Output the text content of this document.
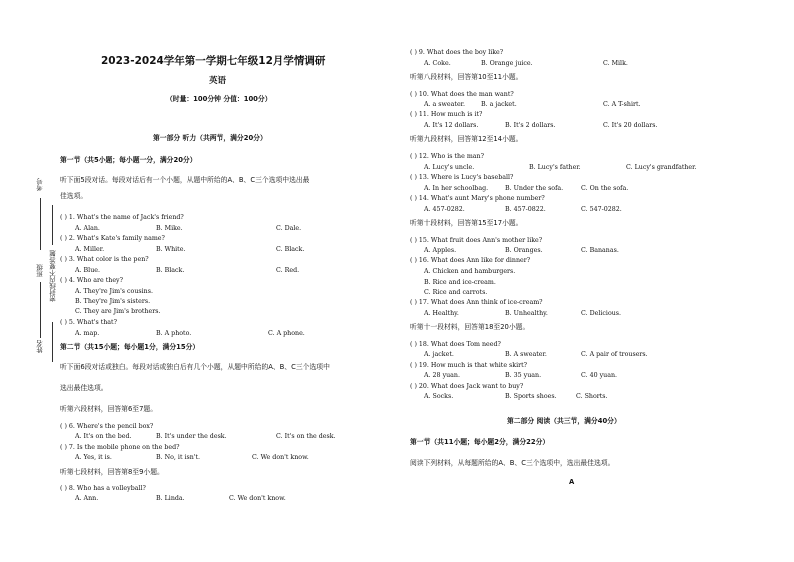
考号
班级
姓名
密封线内不要答题
2023-2024学年第一学期七年级12月学情调研
英语
（时量：100分钟 分值：100分）
第一部分 听力（共两节，满分20分）
第一节（共5小题；每小题一分，满分20分）
听下面5段对话。每段对话后有一个小题，从题中所给的A、B、C三个选项中选出最
佳选项。
( ) 1. What's the name of Jack's friend?
A. Alan.	B. Mike.	C. Dale.
( ) 2. What's Kate's family name?
A. Miller.	B. White.	C. Black.
( ) 3. What color is the pen?
A. Blue.	B. Black.	C. Red.
( ) 4. Who are they?
A. They're Jim's cousins.
B. They're Jim's sisters.
C. They are Jim's brothers.
( ) 5. What's that?
A. map.	B. A photo.	C. A phone.
第二节（共15小题；每小题1分，满分15分）
听下面6段对话或独白。每段对话或独白后有几个小题，从题中所给的A、B、C三个选项中
选出最佳选项。
听第六段材料，回答第6至7题。
( ) 6. Where's the pencil box?
A. It's on the bed.	B. It's under the desk.	C. It's on the desk.
( ) 7. Is the mobile phone on the bed?
A. Yes, it is.	B. No, it isn't.	C. We don't know.
听第七段材料，回答第8至9小题。
( ) 8. Who has a volleyball?
A. Ann.	B. Linda.	C. We don't know.
( ) 9. What does the boy like?
A. Coke.	B. Orange juice.	C. Milk.
听第八段材料，回答第10至11小题。
( ) 10. What does the man want?
A. a sweater.	B. a jacket.	C. A T-shirt.
( ) 11. How much is it?
A. It's 12 dollars.	B. It's 2 dollars.	C. It's 20 dollars.
听第九段材料，回答第12至14小题。
( ) 12. Who is the man?
A. Lucy's uncle.	B. Lucy's father.	C. Lucy's grandfather.
( ) 13. Where is Lucy's baseball?
A. In her schoolbag.	B. Under the sofa.	C. On the sofa.
( ) 14. What's aunt Mary's phone number?
A. 457-0282.	B. 457-0822.	C. 547-0282.
听第十段材料，回答第15至17小题。
( ) 15. What fruit does Ann's mother like?
A. Apples.	B. Oranges.	C. Bananas.
( ) 16. What does Ann like for dinner?
A. Chicken and hamburgers.
B. Rice and ice-cream.
C. Rice and carrots.
( ) 17. What does Ann think of ice-cream?
A. Healthy.	B. Unhealthy.	C. Delicious.
听第十一段材料，回答第18至20小题。
( ) 18. What does Tom need?
A. jacket.	B. A sweater.	C. A pair of trousers.
( ) 19. How much is that white skirt?
A. 28 yuan.	B. 35 yuan.	C. 40 yuan.
( ) 20. What does Jack want to buy?
A. Socks.	B. Sports shoes.	C. Shorts.
第二部分 阅读（共三节，满分40分）
第一节（共11小题；每小题2分，满分22分）
阅读下列材料，从每题所给的A、B、C三个选项中，选出最佳选项。
A
